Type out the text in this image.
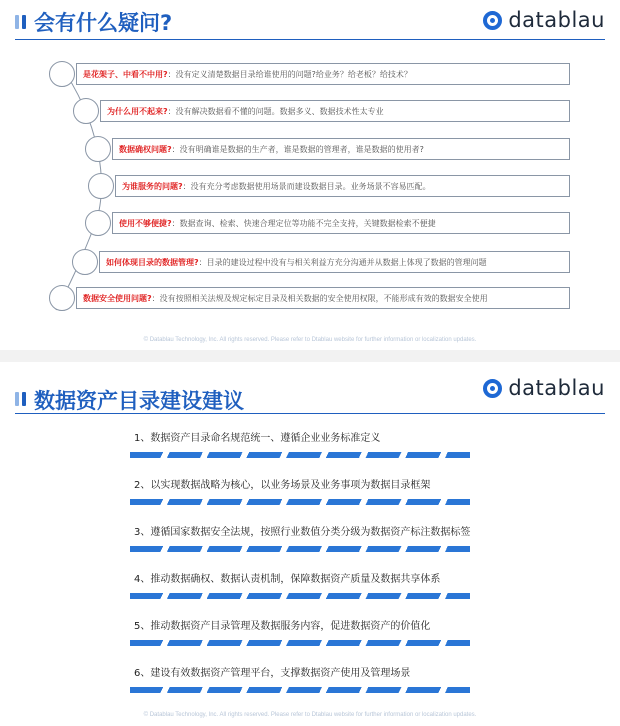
会有什么疑问?	datablau
是花架子、中看不中用? ：没有定义清楚数据目录给谁使用的问题?给业务？给老板？给技术？
为什么用不起来? ：没有解决数据看不懂的问题。数据多义、数据技术性太专业
数据确权问题? ：没有明确谁是数据的生产者，谁是数据的管理者，谁是数据的使用者?
为谁服务的问题? ：没有充分考虑数据使用场景而建设数据目录。业务场景不容易匹配。
使用不够便捷? ：数据查询、检索、快速合理定位等功能不完全支持，关键数据检索不便捷
如何体现目录的数据管理? ：目录的建设过程中没有与相关利益方充分沟通并从数据上体现了数据的管理问题
数据安全使用问题? ：没有按照相关法规及规定标定目录及相关数据的安全使用权限，不能形成有效的数据安全使用
© Datablau Technology, Inc. All rights reserved. Please refer to Dtablau website for further information or localization updates.
数据资产目录建设建议
datablau
1、数据资产目录命名规范统一、遵循企业业务标准定义
2、以实现数据战略为核心，以业务场景及业务事项为数据目录框架
3、遵循国家数据安全法规，按照行业数值分类分级为数据资产标注数据标签
4、推动数据确权、数据认责机制，保障数据资产质量及数据共享体系
5、推动数据资产目录管理及数据服务内容，促进数据资产的价值化
6、建设有效数据资产管理平台，支撑数据资产使用及管理场景
© Datablau Technology, Inc. All rights reserved. Please refer to Dtablau website for further information or localization updates.
